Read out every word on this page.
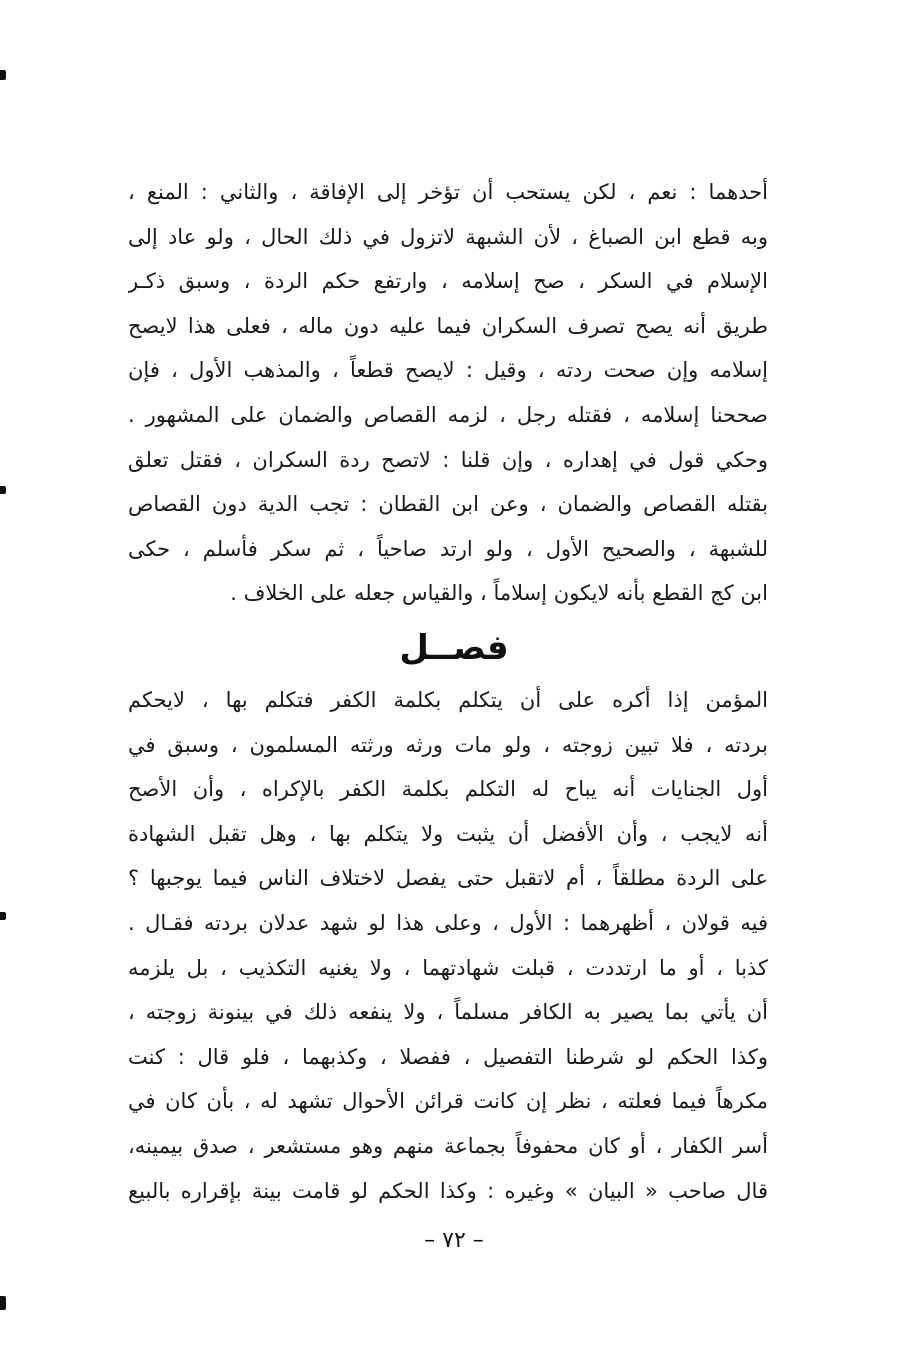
أحدهما : نعم ، لكن يستحب أن تؤخر إلى الإفاقة ، والثاني : المنع ،
وبه قطع ابن الصباغ ، لأن الشبهة لاتزول في ذلك الحال ، ولو عاد إلى
الإسلام في السكر ، صح إسلامه ، وارتفع حكم الردة ، وسبق ذكـر
طريق أنه يصح تصرف السكران فيما عليه دون ماله ، فعلى هذا لايصح
إسلامه وإن صحت ردته ، وقيل : لايصح قطعاً ، والمذهب الأول ، فإن
صححنا إسلامه ، فقتله رجل ، لزمه القصاص والضمان على المشهور .
وحكي قول في إهداره ، وإن قلنا : لاتصح ردة السكران ، فقتل تعلق
بقتله القصاص والضمان ، وعن ابن القطان : تجب الدية دون القصاص
للشبهة ، والصحيح الأول ، ولو ارتد صاحياً ، ثم سكر فأسلم ، حكى
ابن كج القطع بأنه لايكون إسلاماً ، والقياس جعله على الخلاف .
فصــل
المؤمن إذا أكره على أن يتكلم بكلمة الكفر فتكلم بها ، لايحكم
بردته ، فلا تبين زوجته ، ولو مات ورثه ورثته المسلمون ، وسبق في
أول الجنايات أنه يباح له التكلم بكلمة الكفر بالإكراه ، وأن الأصح
أنه لايجب ، وأن الأفضل أن يثبت ولا يتكلم بها ، وهل تقبل الشهادة
على الردة مطلقاً ، أم لاتقبل حتى يفصل لاختلاف الناس فيما يوجبها ؟
فيه قولان ، أظهرهما : الأول ، وعلى هذا لو شهد عدلان بردته فقـال .
كذبا ، أو ما ارتددت ، قبلت شهادتهما ، ولا يغنيه التكذيب ، بل يلزمه
أن يأتي بما يصير به الكافر مسلماً ، ولا ينفعه ذلك في بينونة زوجته ،
وكذا الحكم لو شرطنا التفصيل ، ففصلا ، وكذبهما ، فلو قال : كنت
مكرهاً فيما فعلته ، نظر إن كانت قرائن الأحوال تشهد له ، بأن كان في
أسر الكفار ، أو كان محفوفاً بجماعة منهم وهو مستشعر ، صدق بيمينه،
قال صاحب « البيان » وغيره : وكذا الحكم لو قامت بينة بإقراره بالبيع
– ٧٢ –
